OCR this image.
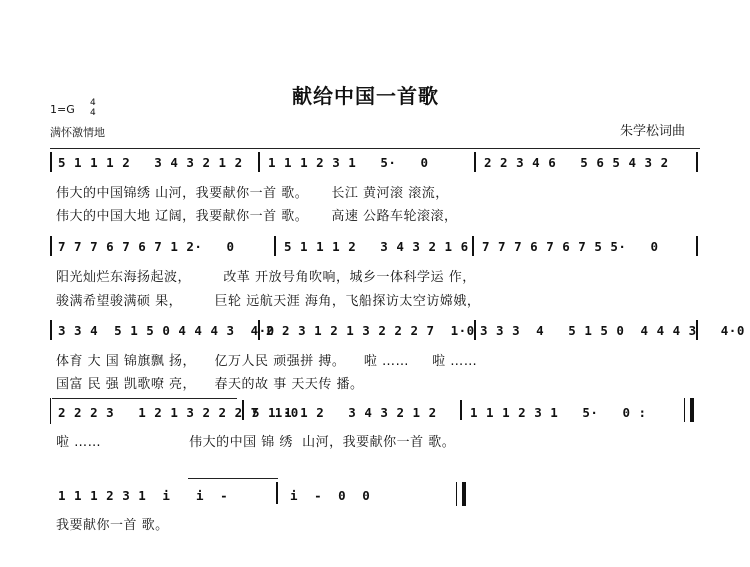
献给中国一首歌
1=G 4
4
满怀激情地	朱学松词曲
5 1 1 1 2   3 4 3 2 1 2 1 1 1 2 3 1   5·   0	2 2 3 4 6   5 6 5 4 3 2
伟大的中国锦绣 山河，我要献你一首 歌。     长江 黄河滚 滚流，
伟大的中国大地 辽阔，我要献你一首 歌。     高速 公路车轮滚滚，
7 7 7 6 7 6 7 1 2·   0	5 1 1 1 2   3 4 3 2 1 6 7 7 7 6 7 6 7 5 5·   0
阳光灿烂东海扬起波，       改革 开放号角吹响，城乡一体科学运 作，
骏满希望骏满硕 果，       巨轮 远航天涯 海角，飞船探访太空访嫦娥，
3 3 4  5 1 5 0 4 4 4 3  4·0
2 2 3 1 2 1 3 2 2 2 7  1·0 3 3 3  4   5 1 5 0  4 4 4 3   4·0
体育 大 国 锦旗飘 扬，    亿万人民 顽强拼 搏。    啦 ……     啦 ……
国富 民 强 凯歌嘹 亮，    春天的故 事 天天传 播。
2 2 2 3   1 2 1 3 2 2 2 7  1·0
5 1 1 1 2   3 4 3 2 1 2	1 1 1 2 3 1   5·   0 :
啦 ……                   伟大的中国 锦 绣  山河，我要献你一首 歌。
1 1 1 2 3 1  i i  -	i  -  0  0
我要献你一首 歌。
